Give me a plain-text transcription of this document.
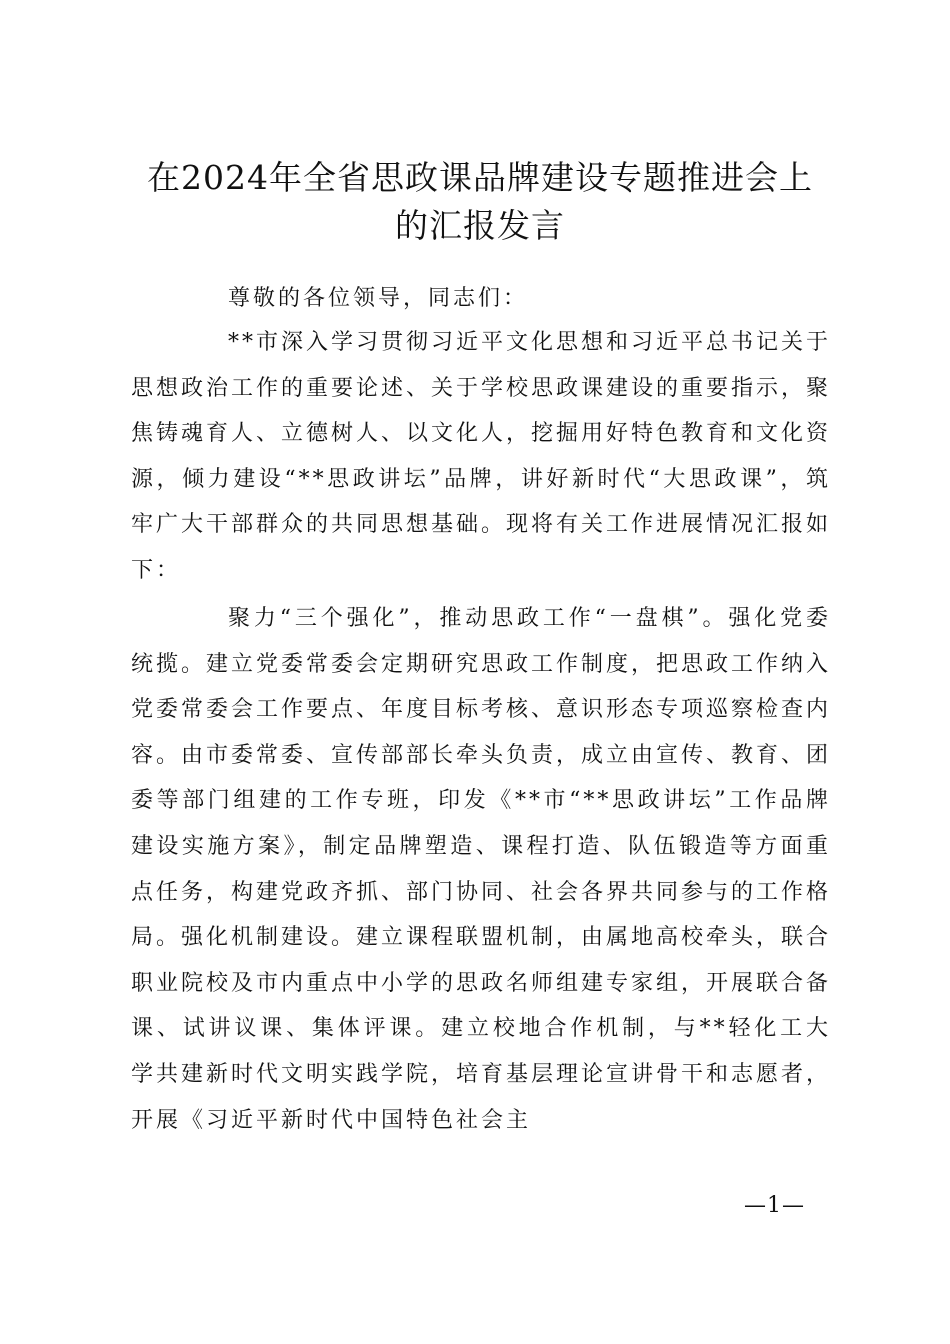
在2024年全省思政课品牌建设专题推进会上
的汇报发言

尊敬的各位领导，同志们：

**市深入学习贯彻习近平文化思想和习近平总书记关于思想政治工作的重要论述、关于学校思政课建设的重要指示，聚焦铸魂育人、立德树人、以文化人，挖掘用好特色教育和文化资源，倾力建设“**思政讲坛”品牌，讲好新时代“大思政课”，筑牢广大干部群众的共同思想基础。现将有关工作进展情况汇报如下：

聚力“三个强化”，推动思政工作“一盘棋”。强化党委统揽。建立党委常委会定期研究思政工作制度，把思政工作纳入党委常委会工作要点、年度目标考核、意识形态专项巡察检查内容。由市委常委、宣传部部长牵头负责，成立由宣传、教育、团委等部门组建的工作专班，印发《**市“**思政讲坛”工作品牌建设实施方案》，制定品牌塑造、课程打造、队伍锻造等方面重点任务，构建党政齐抓、部门协同、社会各界共同参与的工作格局。强化机制建设。建立课程联盟机制，由属地高校牵头，联合职业院校及市内重点中小学的思政名师组建专家组，开展联合备课、试讲议课、集体评课。建立校地合作机制，与**轻化工大学共建新时代文明实践学院，培育基层理论宣讲骨干和志愿者，开展《习近平新时代中国特色社会主

—1—
